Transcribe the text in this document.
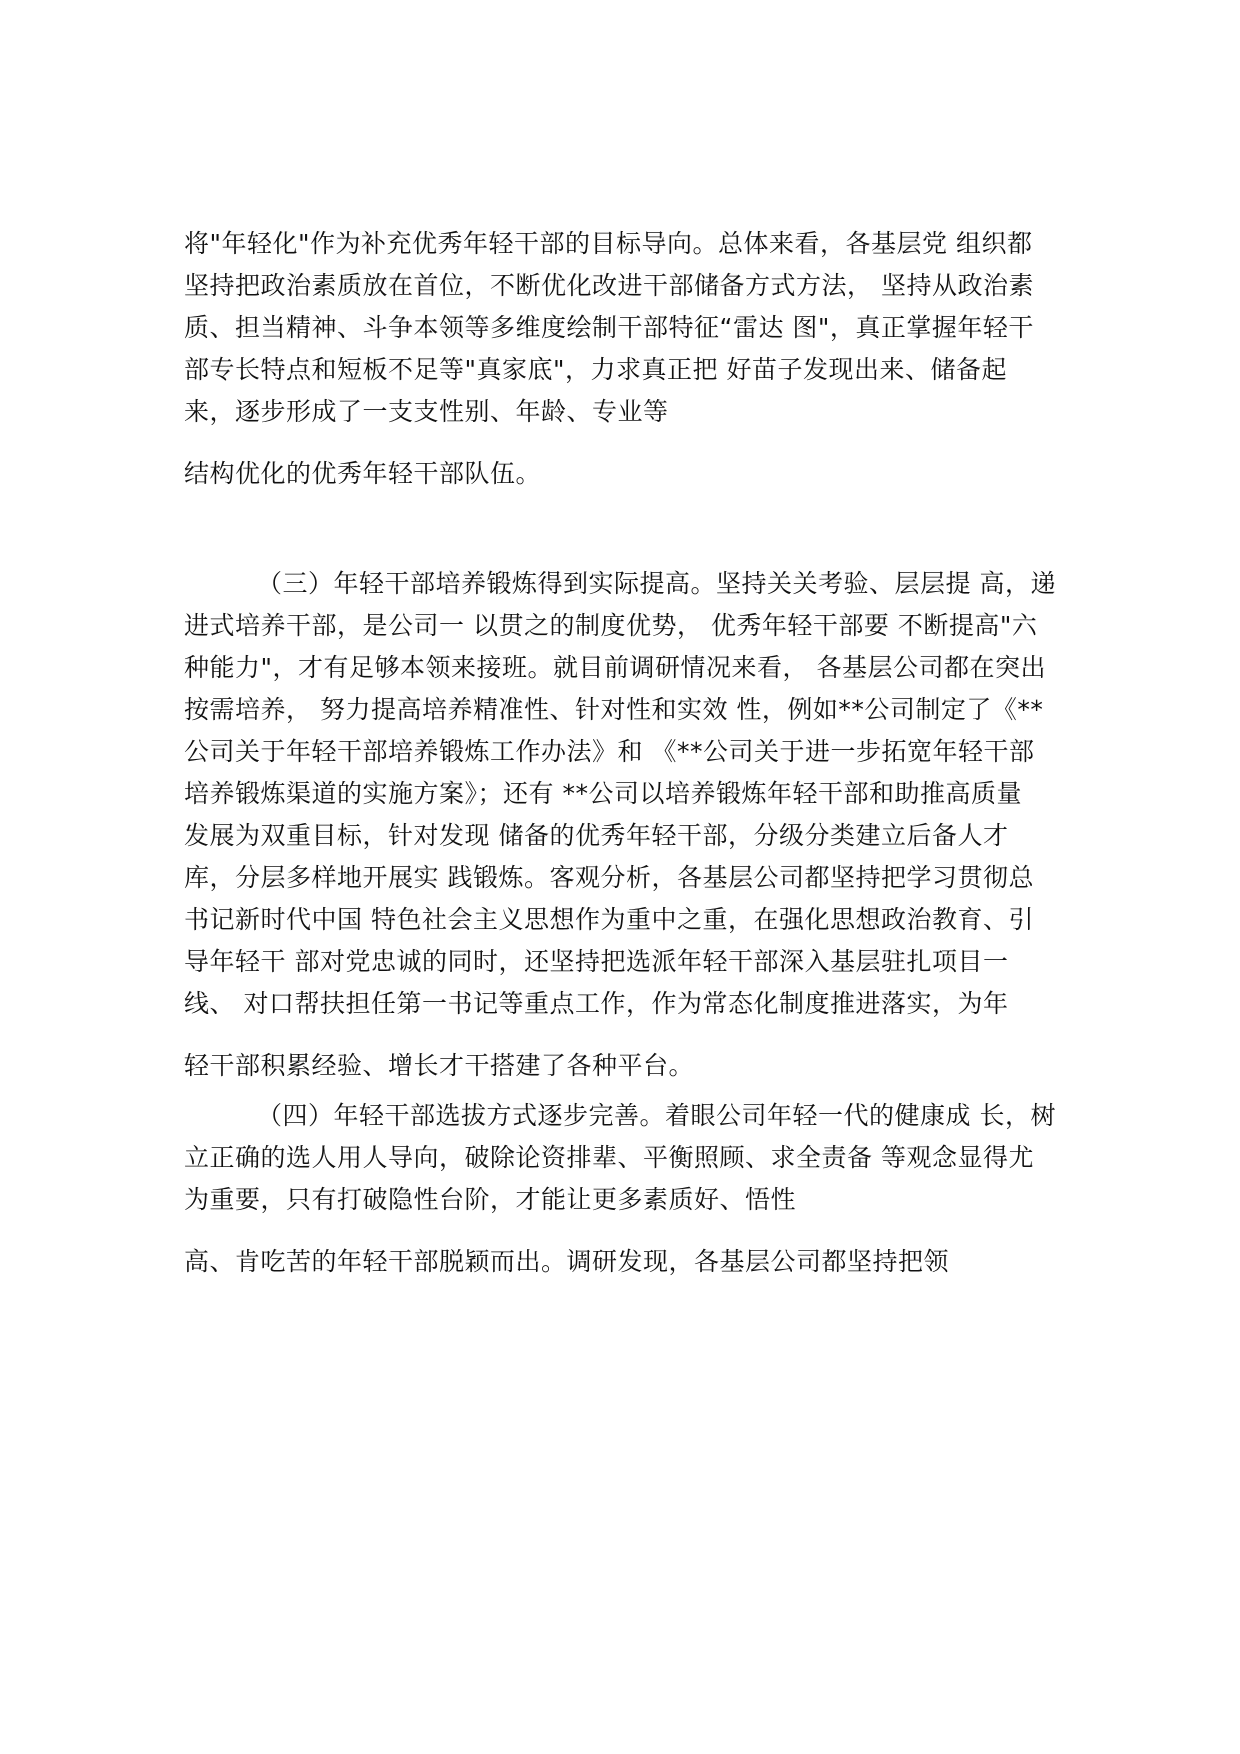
将"年轻化"作为补充优秀年轻干部的目标导向。总体来看，各基层党 组织都
坚持把政治素质放在首位，不断优化改进干部储备方式方法， 坚持从政治素
质、担当精神、斗争本领等多维度绘制干部特征“雷达 图"，真正掌握年轻干
部专长特点和短板不足等"真家底"，力求真正把 好苗子发现出来、储备起
来，逐步形成了一支支性别、年龄、专业等
结构优化的优秀年轻干部队伍。
（三）年轻干部培养锻炼得到实际提高。坚持关关考验、层层提 高，递
进式培养干部，是公司一 以贯之的制度优势， 优秀年轻干部要 不断提高"六
种能力"，才有足够本领来接班。就目前调研情况来看， 各基层公司都在突出
按需培养， 努力提高培养精准性、针对性和实效 性，例如**公司制定了《**
公司关于年轻干部培养锻炼工作办法》和 《**公司关于进一步拓宽年轻干部
培养锻炼渠道的实施方案》；还有 **公司以培养锻炼年轻干部和助推高质量
发展为双重目标，针对发现 储备的优秀年轻干部，分级分类建立后备人才
库，分层多样地开展实 践锻炼。客观分析，各基层公司都坚持把学习贯彻总
书记新时代中国 特色社会主义思想作为重中之重，在强化思想政治教育、引
导年轻干 部对党忠诚的同时，还坚持把选派年轻干部深入基层驻扎项目一
线、 对口帮扶担任第一书记等重点工作，作为常态化制度推进落实，为年
轻干部积累经验、增长才干搭建了各种平台。
（四）年轻干部选拔方式逐步完善。着眼公司年轻一代的健康成 长，树
立正确的选人用人导向，破除论资排辈、平衡照顾、求全责备 等观念显得尤
为重要，只有打破隐性台阶，才能让更多素质好、悟性
高、肯吃苦的年轻干部脱颖而出。调研发现，各基层公司都坚持把领
